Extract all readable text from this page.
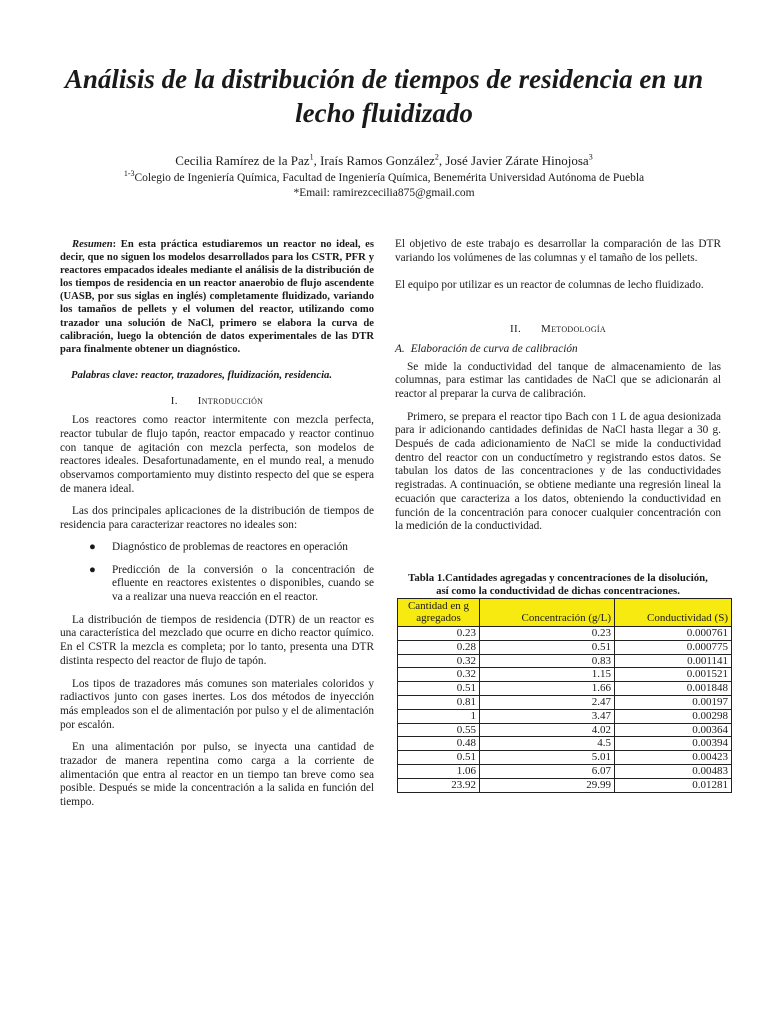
Análisis de la distribución de tiempos de residencia en un lecho fluidizado
Cecilia Ramírez de la Paz$^1$, Iraís Ramos González$^2$, José Javier Zárate Hinojosa$^3$
$^{1-3}$Colegio de Ingeniería Química, Facultad de Ingeniería Química, Benemérita Universidad Autónoma de Puebla
*Email: ramirezcecilia875@gmail.com

Resumen: En esta práctica estudiaremos un reactor no ideal, es decir, que no siguen los modelos desarrollados para los CSTR, PFR y reactores empacados ideales mediante el análisis de la distribución de los tiempos de residencia en un reactor anaerobio de flujo ascendente (UASB, por sus siglas en inglés) completamente fluidizado, variando los tamaños de pellets y el volumen del reactor, utilizando como trazador una solución de NaCl, primero se elabora la curva de calibración, luego la obtención de datos experimentales de las DTR para finalmente obtener un diagnóstico.

Palabras clave: reactor, trazadores, fluidización, residencia.

I. Introducción

Los reactores como reactor intermitente con mezcla perfecta, reactor tubular de flujo tapón, reactor empacado y reactor continuo con tanque de agitación con mezcla perfecta, son modelos de reactores ideales. Desafortunadamente, en el mundo real, a menudo observamos comportamiento muy distinto respecto del que se espera de manera ideal.

Las dos principales aplicaciones de la distribución de tiempos de residencia para caracterizar reactores no ideales son:

● Diagnóstico de problemas de reactores en operación
● Predicción de la conversión o la concentración de efluente en reactores existentes o disponibles, cuando se va a realizar una nueva reacción en el reactor.

La distribución de tiempos de residencia (DTR) de un reactor es una característica del mezclado que ocurre en dicho reactor químico. En el CSTR la mezcla es completa; por lo tanto, presenta una DTR distinta respecto del reactor de flujo de tapón.

Los tipos de trazadores más comunes son materiales coloridos y radiactivos junto con gases inertes. Los dos métodos de inyección más empleados son el de alimentación por pulso y el de alimentación por escalón.

En una alimentación por pulso, se inyecta una cantidad de trazador de manera repentina como carga a la corriente de alimentación que entra al reactor en un tiempo tan breve como sea posible. Después se mide la concentración a la salida en función del tiempo.

El objetivo de este trabajo es desarrollar la comparación de las DTR variando los volúmenes de las columnas y el tamaño de los pellets.

El equipo por utilizar es un reactor de columnas de lecho fluidizado.

II. Metodología
A. Elaboración de curva de calibración

Se mide la conductividad del tanque de almacenamiento de las columnas, para estimar las cantidades de NaCl que se adicionarán al reactor al preparar la curva de calibración.

Primero, se prepara el reactor tipo Bach con 1 L de agua desionizada para ir adicionando cantidades definidas de NaCl hasta llegar a 30 g. Después de cada adicionamiento de NaCl se mide la conductividad dentro del reactor con un conductímetro y registrando estos datos. Se tabulan los datos de las concentraciones y de las conductividades registradas. A continuación, se obtiene mediante una regresión lineal la ecuación que caracteriza a los datos, obteniendo la conductividad en función de la concentración para conocer cualquier concentración con la medición de la conductividad.

Tabla 1.Cantidades agregadas y concentraciones de la disolución,
así como la conductividad de dichas concentraciones.
Cantidad en g agregados	Concentración (g/L)	Conductividad (S)
0.23	0.23	0.000761
0.28	0.51	0.000775
0.32	0.83	0.001141
0.32	1.15	0.001521
0.51	1.66	0.001848
0.81	2.47	0.00197
1	3.47	0.00298
0.55	4.02	0.00364
0.48	4.5	0.00394
0.51	5.01	0.00423
1.06	6.07	0.00483
23.92	29.99	0.01281
